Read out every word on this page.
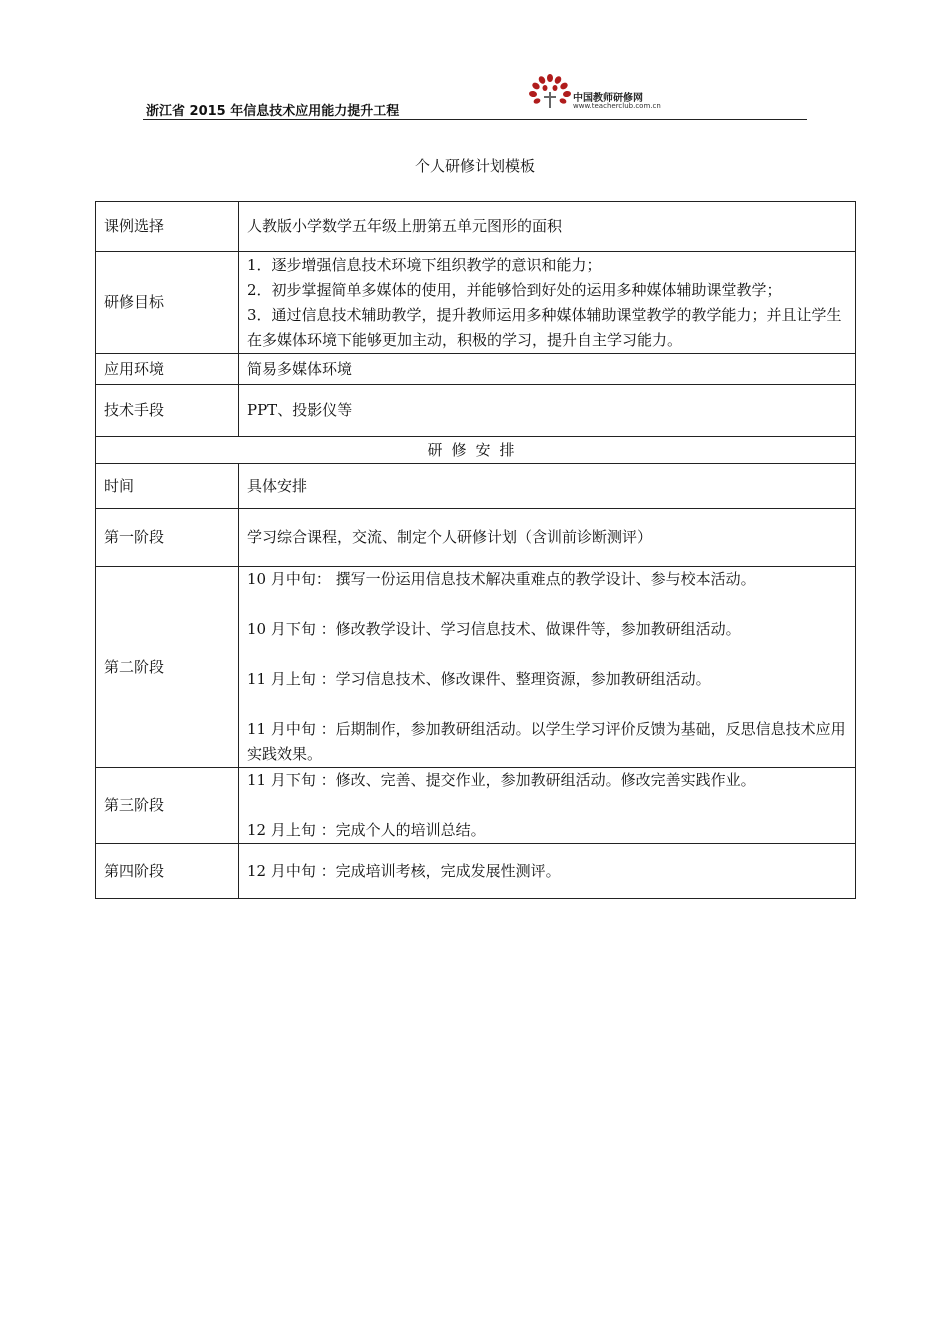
浙江省 2015 年信息技术应用能力提升工程
中国教师研修网
www.teacherclub.com.cn
个人研修计划模板
课例选择	人教版小学数学五年级上册第五单元图形的面积
研修目标	1．逐步增强信息技术环境下组织教学的意识和能力；
2．初步掌握简单多媒体的使用，并能够恰到好处的运用多种媒体辅助课堂教学；
3．通过信息技术辅助教学，提升教师运用多种媒体辅助课堂教学的教学能力；并且让学生在多媒体环境下能够更加主动，积极的学习，提升自主学习能力。

应用环境	简易多媒体环境
技术手段	PPT、投影仪等
研修安排	
时间	具体安排
第一阶段	学习综合课程，交流、制定个人研修计划（含训前诊断测评）
第二阶段	10 月中旬： 撰写一份运用信息技术解决重难点的教学设计、参与校本活动。
10 月下旬 ：修改教学设计、学习信息技术、做课件等，参加教研组活动。
11 月上旬 ：学习信息技术、修改课件、整理资源，参加教研组活动。
11 月中旬 ：后期制作，参加教研组活动。以学生学习评价反馈为基础，反思信息技术应用实践效果。

第三阶段	11 月下旬 ：修改、完善、提交作业，参加教研组活动。修改完善实践作业。
12 月上旬 ：完成个人的培训总结。

第四阶段	12 月中旬 ：完成培训考核，完成发展性测评。
